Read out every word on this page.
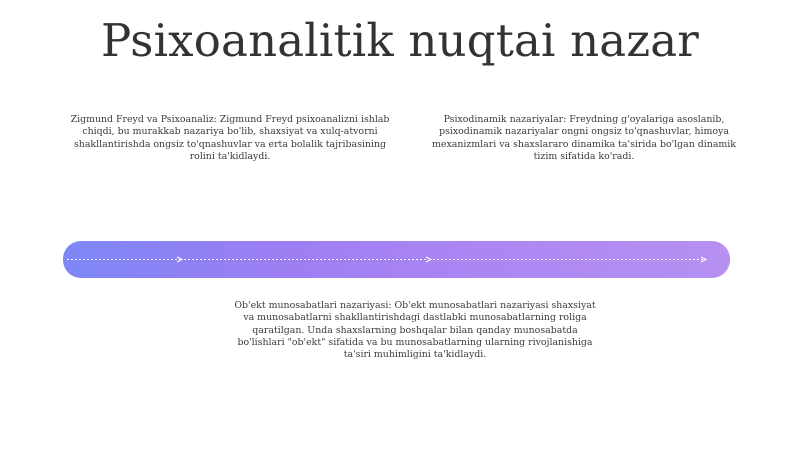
Psixoanalitik nuqtai nazar
Zigmund Freyd va Psixoanaliz: Zigmund Freyd psixoanalizni ishlab chiqdi, bu murakkab nazariya bo'lib, shaxsiyat va xulq-atvorni shakllantirishda ongsiz to'qnashuvlar va erta bolalik tajribasining rolini ta'kidlaydi.
Psixodinamik nazariyalar: Freydning g'oyalariga asoslanib, psixodinamik nazariyalar ongni ongsiz to'qnashuvlar, himoya mexanizmlari va shaxslararo dinamika ta'sirida bo'lgan dinamik tizim sifatida ko'radi.
Ob'ekt munosabatlari nazariyasi: Ob'ekt munosabatlari nazariyasi shaxsiyat va munosabatlarni shakllantirishdagi dastlabki munosabatlarning roliga qaratilgan. Unda shaxslarning boshqalar bilan qanday munosabatda bo'lishlari "ob'ekt" sifatida va bu munosabatlarning ularning rivojlanishiga ta'siri muhimligini ta'kidlaydi.
